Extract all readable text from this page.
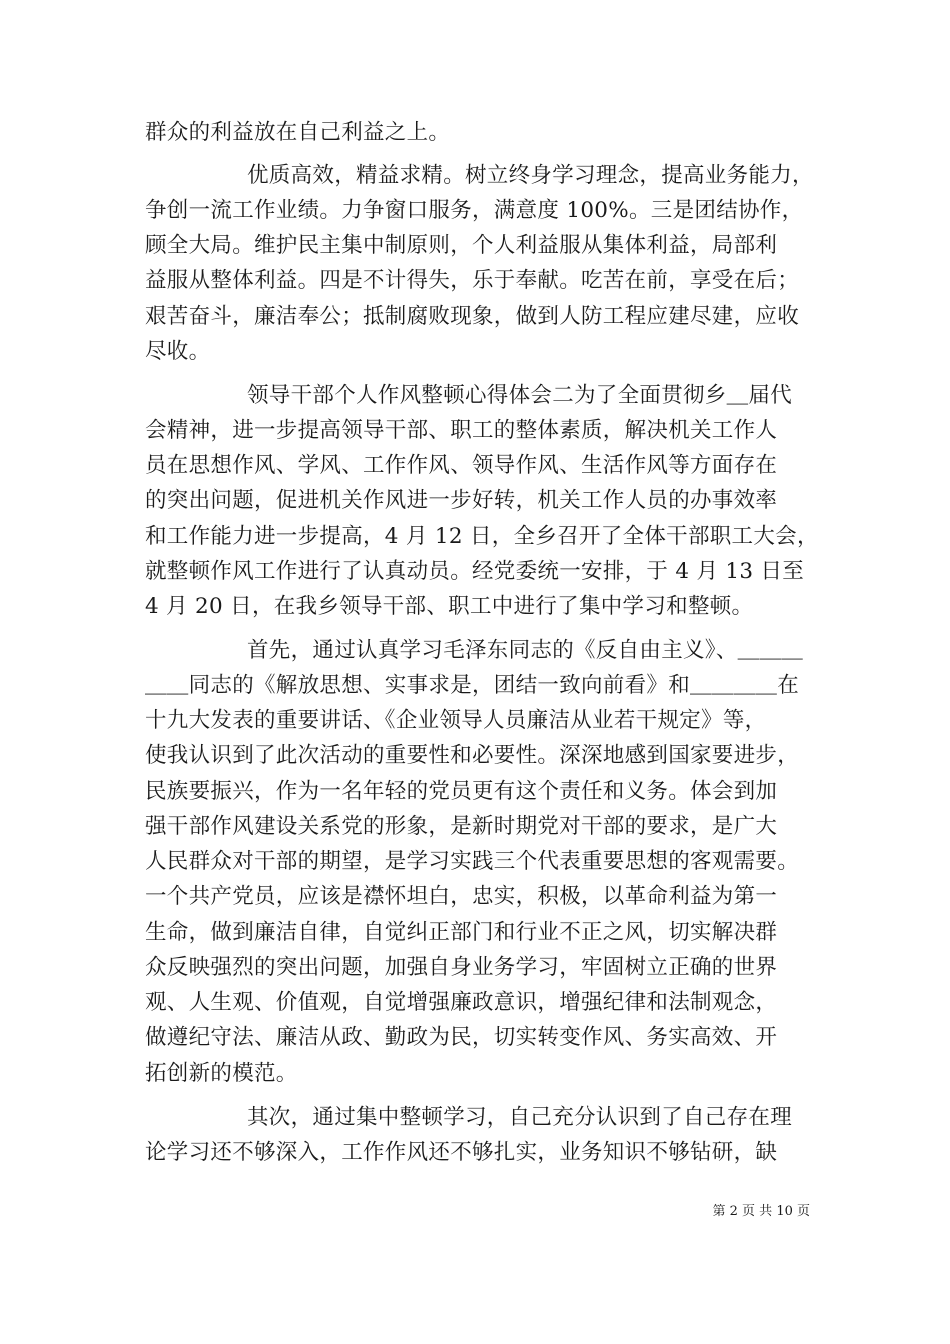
群众的利益放在自己利益之上。
优质高效，精益求精。树立终身学习理念，提高业务能力，
争创一流工作业绩。力争窗口服务，满意度 100%。三是团结协作，
顾全大局。维护民主集中制原则，个人利益服从集体利益，局部利
益服从整体利益。四是不计得失，乐于奉献。吃苦在前，享受在后；
艰苦奋斗，廉洁奉公；抵制腐败现象，做到人防工程应建尽建，应收
尽收。
领导干部个人作风整顿心得体会二为了全面贯彻乡＿届代
会精神，进一步提高领导干部、职工的整体素质，解决机关工作人
员在思想作风、学风、工作作风、领导作风、生活作风等方面存在
的突出问题，促进机关作风进一步好转，机关工作人员的办事效率
和工作能力进一步提高，4 月 12 日，全乡召开了全体干部职工大会，
就整顿作风工作进行了认真动员。经党委统一安排，于 4 月 13 日至
4 月 20 日，在我乡领导干部、职工中进行了集中学习和整顿。
首先，通过认真学习毛泽东同志的《反自由主义》、＿＿＿
＿＿同志的《解放思想、实事求是，团结一致向前看》和＿＿＿＿在
十九大发表的重要讲话、《企业领导人员廉洁从业若干规定》等，
使我认识到了此次活动的重要性和必要性。深深地感到国家要进步，
民族要振兴，作为一名年轻的党员更有这个责任和义务。体会到加
强干部作风建设关系党的形象，是新时期党对干部的要求，是广大
人民群众对干部的期望，是学习实践三个代表重要思想的客观需要。
一个共产党员，应该是襟怀坦白，忠实，积极，以革命利益为第一
生命，做到廉洁自律，自觉纠正部门和行业不正之风，切实解决群
众反映强烈的突出问题，加强自身业务学习，牢固树立正确的世界
观、人生观、价值观，自觉增强廉政意识，增强纪律和法制观念，
做遵纪守法、廉洁从政、勤政为民，切实转变作风、务实高效、开
拓创新的模范。
其次，通过集中整顿学习，自己充分认识到了自己存在理
论学习还不够深入，工作作风还不够扎实，业务知识不够钻研，缺
第 2 页 共 10 页
